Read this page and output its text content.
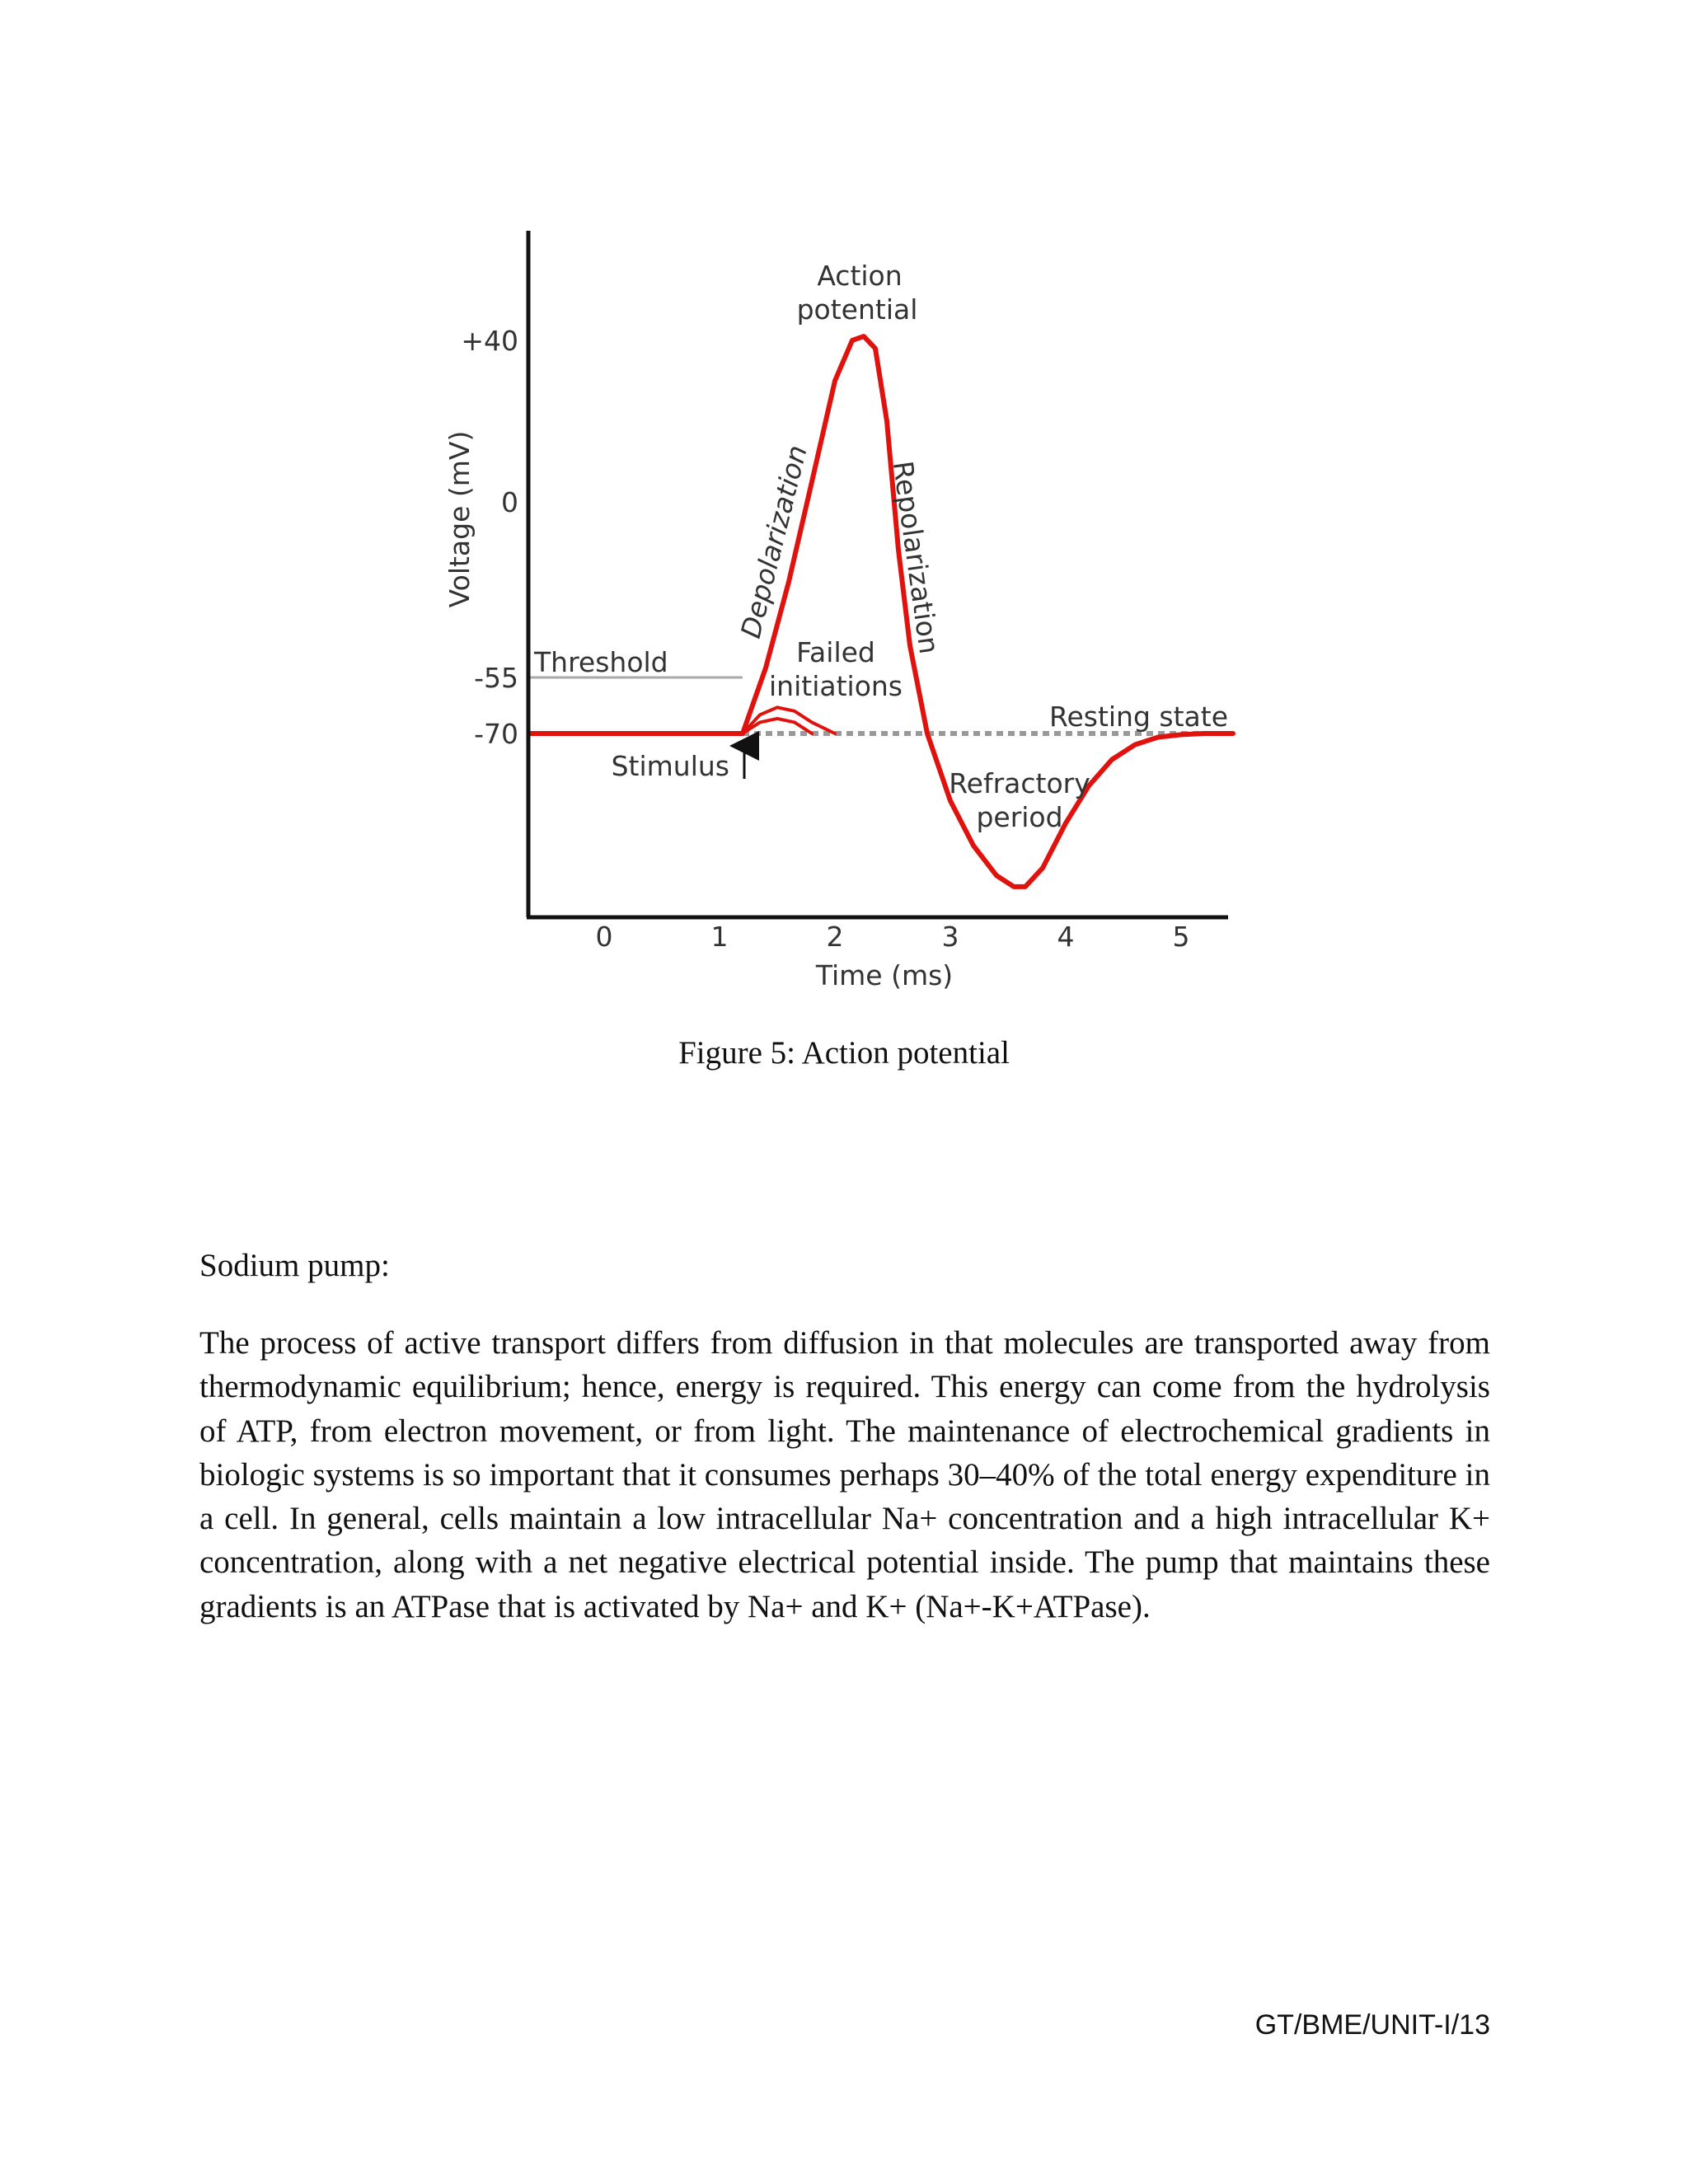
0	1	2	3	4	5
+40
0
-55
-70
Time (ms)
Voltage (mV)
Threshold
Resting state
Stimulus
Action
potential
Depolarization	Repolarization
Failed
initiations
Refractory
period
Figure 5: Action potential
Sodium pump:

The process of active transport differs from diffusion in that molecules are transported away from thermodynamic equilibrium; hence, energy is required. This energy can come from the hydrolysis of ATP, from electron movement, or from light. The maintenance of electrochemical gradients in biologic systems is so important that it consumes perhaps 30–40% of the total energy expenditure in a cell. In general, cells maintain a low intracellular Na+ concentration and a high intracellular K+ concentration, along with a net negative electrical potential inside. The pump that maintains these gradients is an ATPase that is activated by Na+ and K+ (Na+-K+ATPase).

GT/BME/UNIT-I/13
